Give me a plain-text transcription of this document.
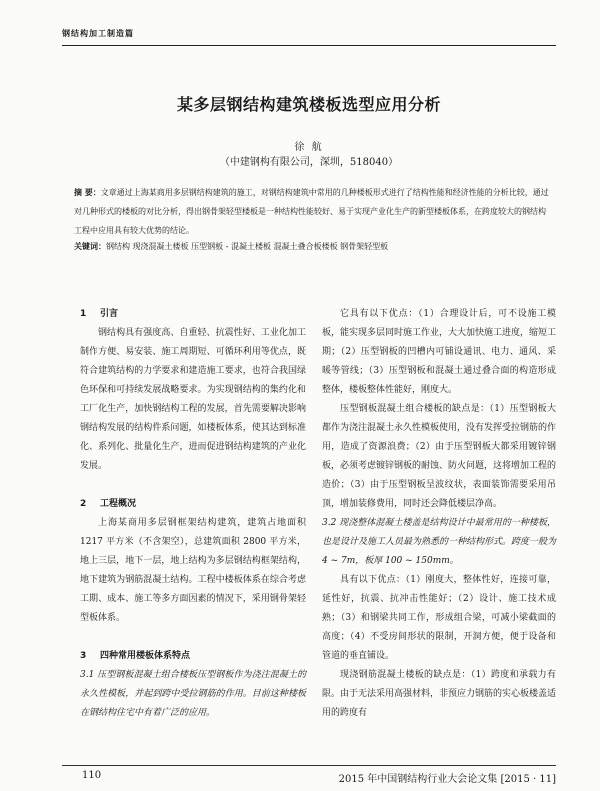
钢结构加工制造篇
某多层钢结构建筑楼板选型应用分析
徐 航
（中建钢构有限公司，深圳，518040）
摘 要：文章通过上海某商用多层钢结构建筑的施工，对钢结构建筑中常用的几种楼板形式进行了结构性能和经济性能的分析比较，通过对几种形式的楼板的对比分析，得出钢骨架轻型楼板是一种结构性能较好、易于实现产业化生产的新型楼板体系，在跨度较大的钢结构工程中应用具有较大优势的结论。
关键词：钢结构 现浇混凝土楼板 压型钢板 - 混凝土楼板 混凝土叠合板楼板 钢骨架轻型板
1 引言

钢结构具有强度高、自重轻、抗震性好、工业化加工制作方便、易安装、施工周期短、可循环利用等优点，既符合建筑结构的力学要求和建造施工要求，也符合我国绿色环保和可持续发展战略要求。为实现钢结构的集约化和工厂化生产，加快钢结构工程的发展，首先需要解决影响钢结构发展的结构件系问题，如楼板体系，使其达到标准化、系列化、批量化生产，进而促进钢结构建筑的产业化发展。

2 工程概况

上海某商用多层钢框架结构建筑，建筑占地面积 1217 平方米（不含架空），总建筑面积 2800 平方米，地上三层，地下一层，地上结构为多层钢结构框架结构，地下建筑为钢筋混凝土结构。工程中楼板体系在综合考虑工期、成本、施工等多方面因素的情况下，采用钢骨架轻型板体系。

3 四种常用楼板体系特点

3.1 压型钢板混凝土组合楼板压型钢板作为浇注混凝土的永久性模板，并起到跨中受拉钢筋的作用。目前这种楼板在钢结构住宅中有着广泛的应用。

它具有以下优点：（1）合理设计后，可不设施工模板，能实现多层同时施工作业，大大加快施工进度，缩短工期；（2）压型钢板的凹槽内可铺设通讯、电力、通风、采暖等管线；（3）压型钢板和混凝土通过叠合面的构造形成整体，楼板整体性能好，刚度大。

压型钢板混凝土组合楼板的缺点是：（1）压型钢板大都作为浇注混凝土永久性模板使用，没有发挥受拉钢筋的作用，造成了资源浪费；（2）由于压型钢板大都采用镀锌钢板，必须考虑镀锌钢板的耐蚀、防火问题，这将增加工程的造价；（3）由于压型钢板呈波纹状，表面装饰需要采用吊顶，增加装修费用，同时还会降低楼层净高。

3.2 现浇整体混凝土楼盖是结构设计中最常用的一种楼板，也是设计及施工人员最为熟悉的一种结构形式。跨度一般为 4 ~ 7m，板厚 100 ~ 150mm。

具有以下优点：（1）刚度大，整体性好，连接可靠，延性好，抗震、抗冲击性能好；（2）设计、施工技术成熟；（3）和钢梁共同工作，形成组合梁，可减小梁截面的高度；（4）不受房间形状的限制，开洞方便，便于设备和管道的垂直铺设。

现浇钢筋混凝土楼板的缺点是：（1）跨度和承载力有限。由于无法采用高强材料，非预应力钢筋的实心板楼盖适用的跨度有

110	2015 年中国钢结构行业大会论文集 [2015 · 11]
